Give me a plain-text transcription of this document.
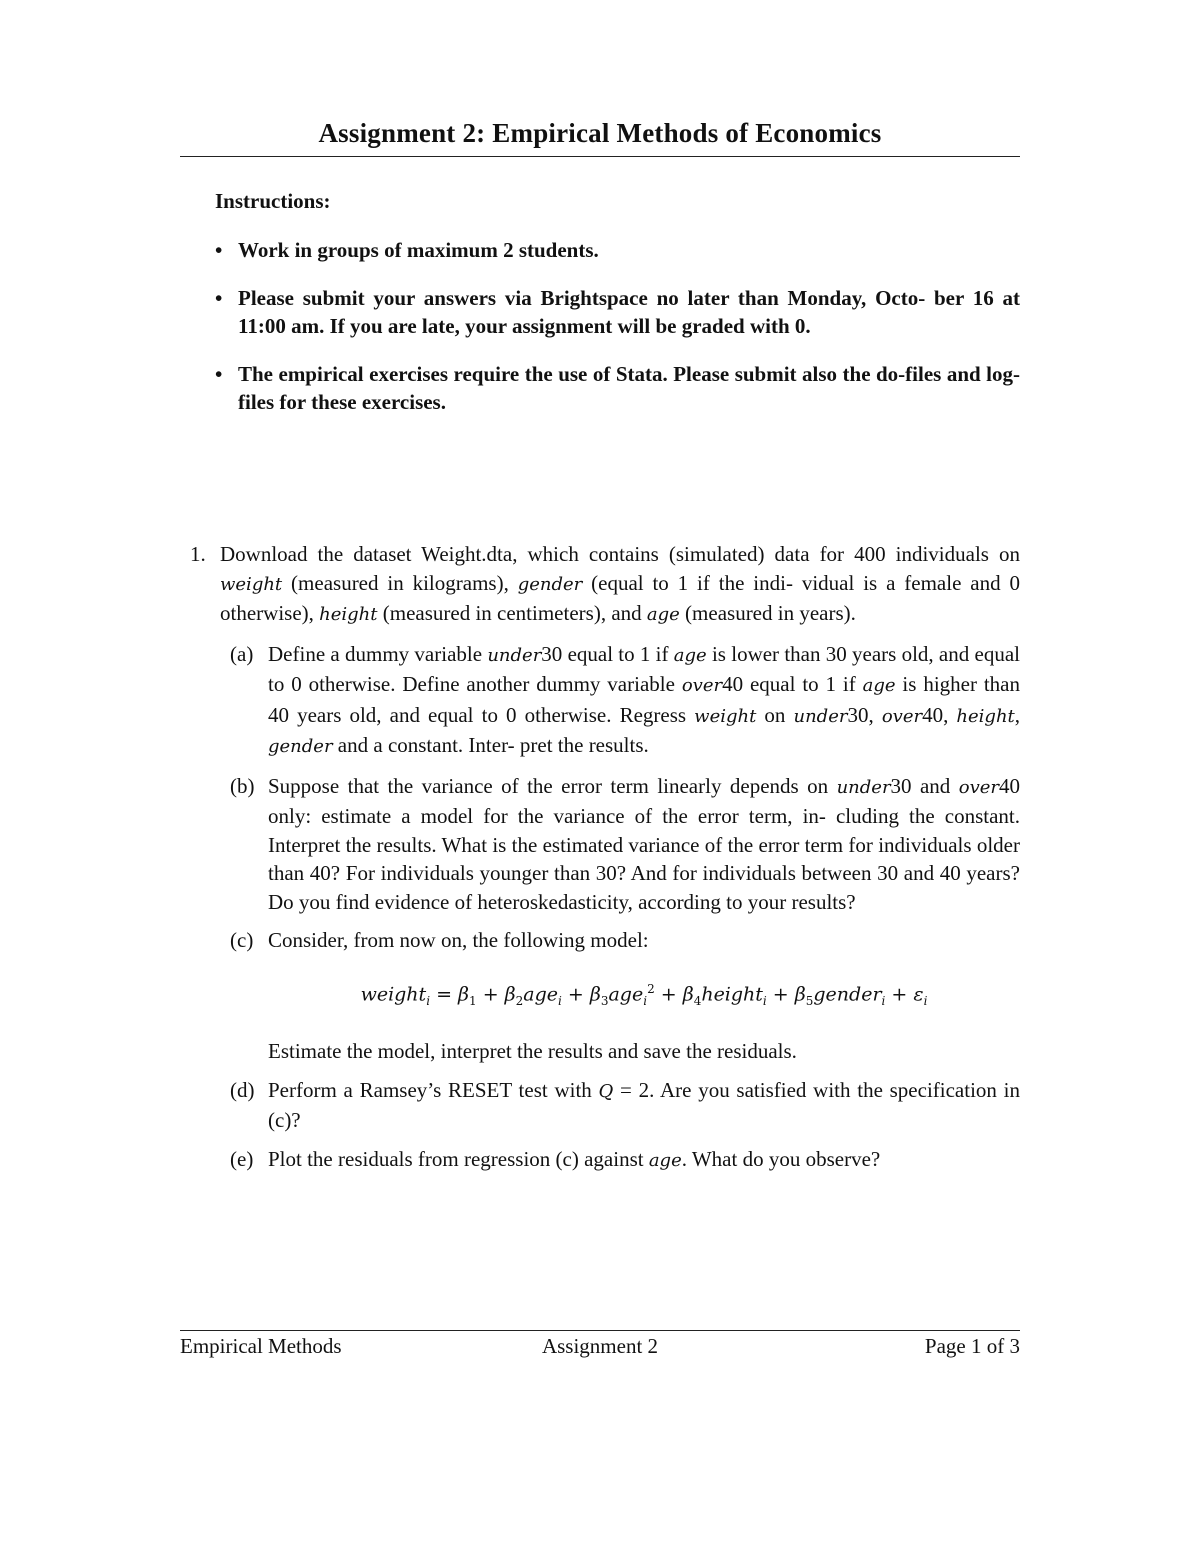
Assignment 2: Empirical Methods of Economics
Instructions:
• Work in groups of maximum 2 students.
• Please submit your answers via Brightspace no later than Monday, Octo- ber 16 at 11:00 am. If you are late, your assignment will be graded with 0.
• The empirical exercises require the use of Stata. Please submit also the do-files and log-files for these exercises.
1. Download the dataset Weight.dta, which contains (simulated) data for 400 individuals on weight (measured in kilograms), gender (equal to 1 if the indi- vidual is a female and 0 otherwise), height (measured in centimeters), and age (measured in years).
(a) Define a dummy variable under30 equal to 1 if age is lower than 30 years old, and equal to 0 otherwise. Define another dummy variable over40 equal to 1 if age is higher than 40 years old, and equal to 0 otherwise. Regress weight on under30, over40, height, gender and a constant. Inter- pret the results.
(b) Suppose that the variance of the error term linearly depends on under30 and over40 only: estimate a model for the variance of the error term, in- cluding the constant. Interpret the results. What is the estimated variance of the error term for individuals older than 40? For individuals younger than 30? And for individuals between 30 and 40 years? Do you find evidence of heteroskedasticity, according to your results?
(c) Consider, from now on, the following model:
weight$_i$ = $\beta_1 + \beta_2age_i + \beta_3age_i^2$ + $\beta_4height_i$ + $\beta_5gender_i + \varepsilon_i$
Estimate the model, interpret the results and save the residuals.
(d) Perform a Ramsey’s RESET test with Q = 2. Are you satisfied with the specification in (c)?
(e) Plot the residuals from regression (c) against age. What do you observe?
Empirical Methods	Assignment 2	Page 1 of 3
